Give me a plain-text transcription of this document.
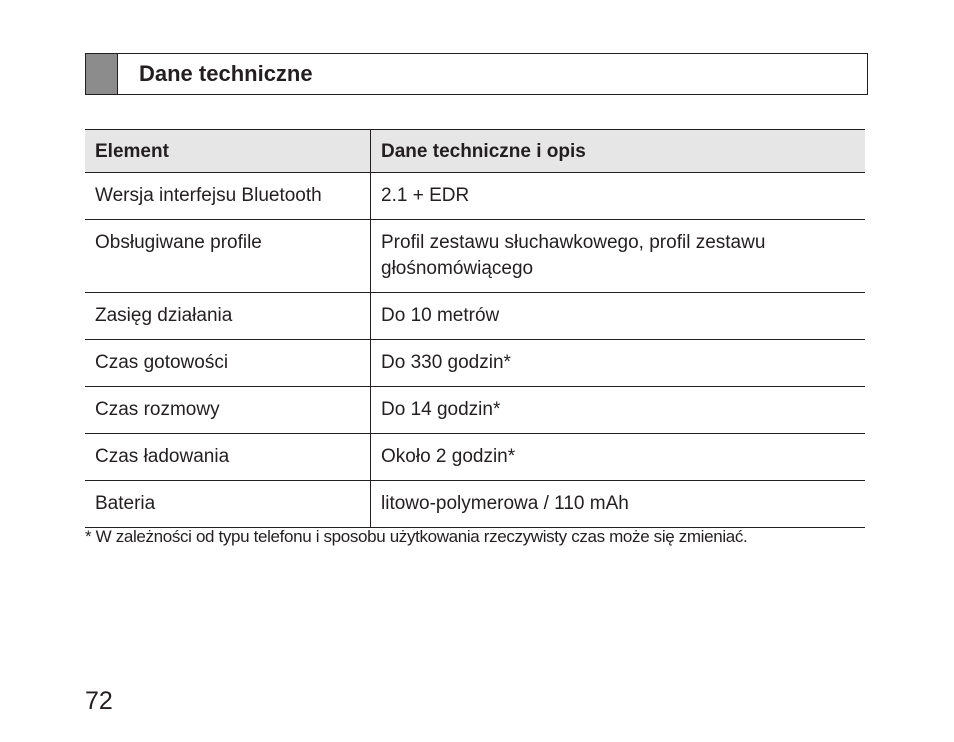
Dane techniczne
Element	Dane techniczne i opis
Wersja interfejsu Bluetooth	2.1 + EDR
Obsługiwane profile	Profil zestawu słuchawkowego, profil zestawu głośnomówiącego
Zasięg działania	Do 10 metrów
Czas gotowości	Do 330 godzin*
Czas rozmowy	Do 14 godzin*
Czas ładowania	Około 2 godzin*
Bateria	litowo-polymerowa / 110 mAh
* W zależności od typu telefonu i sposobu użytkowania rzeczywisty czas może się zmieniać.
72
